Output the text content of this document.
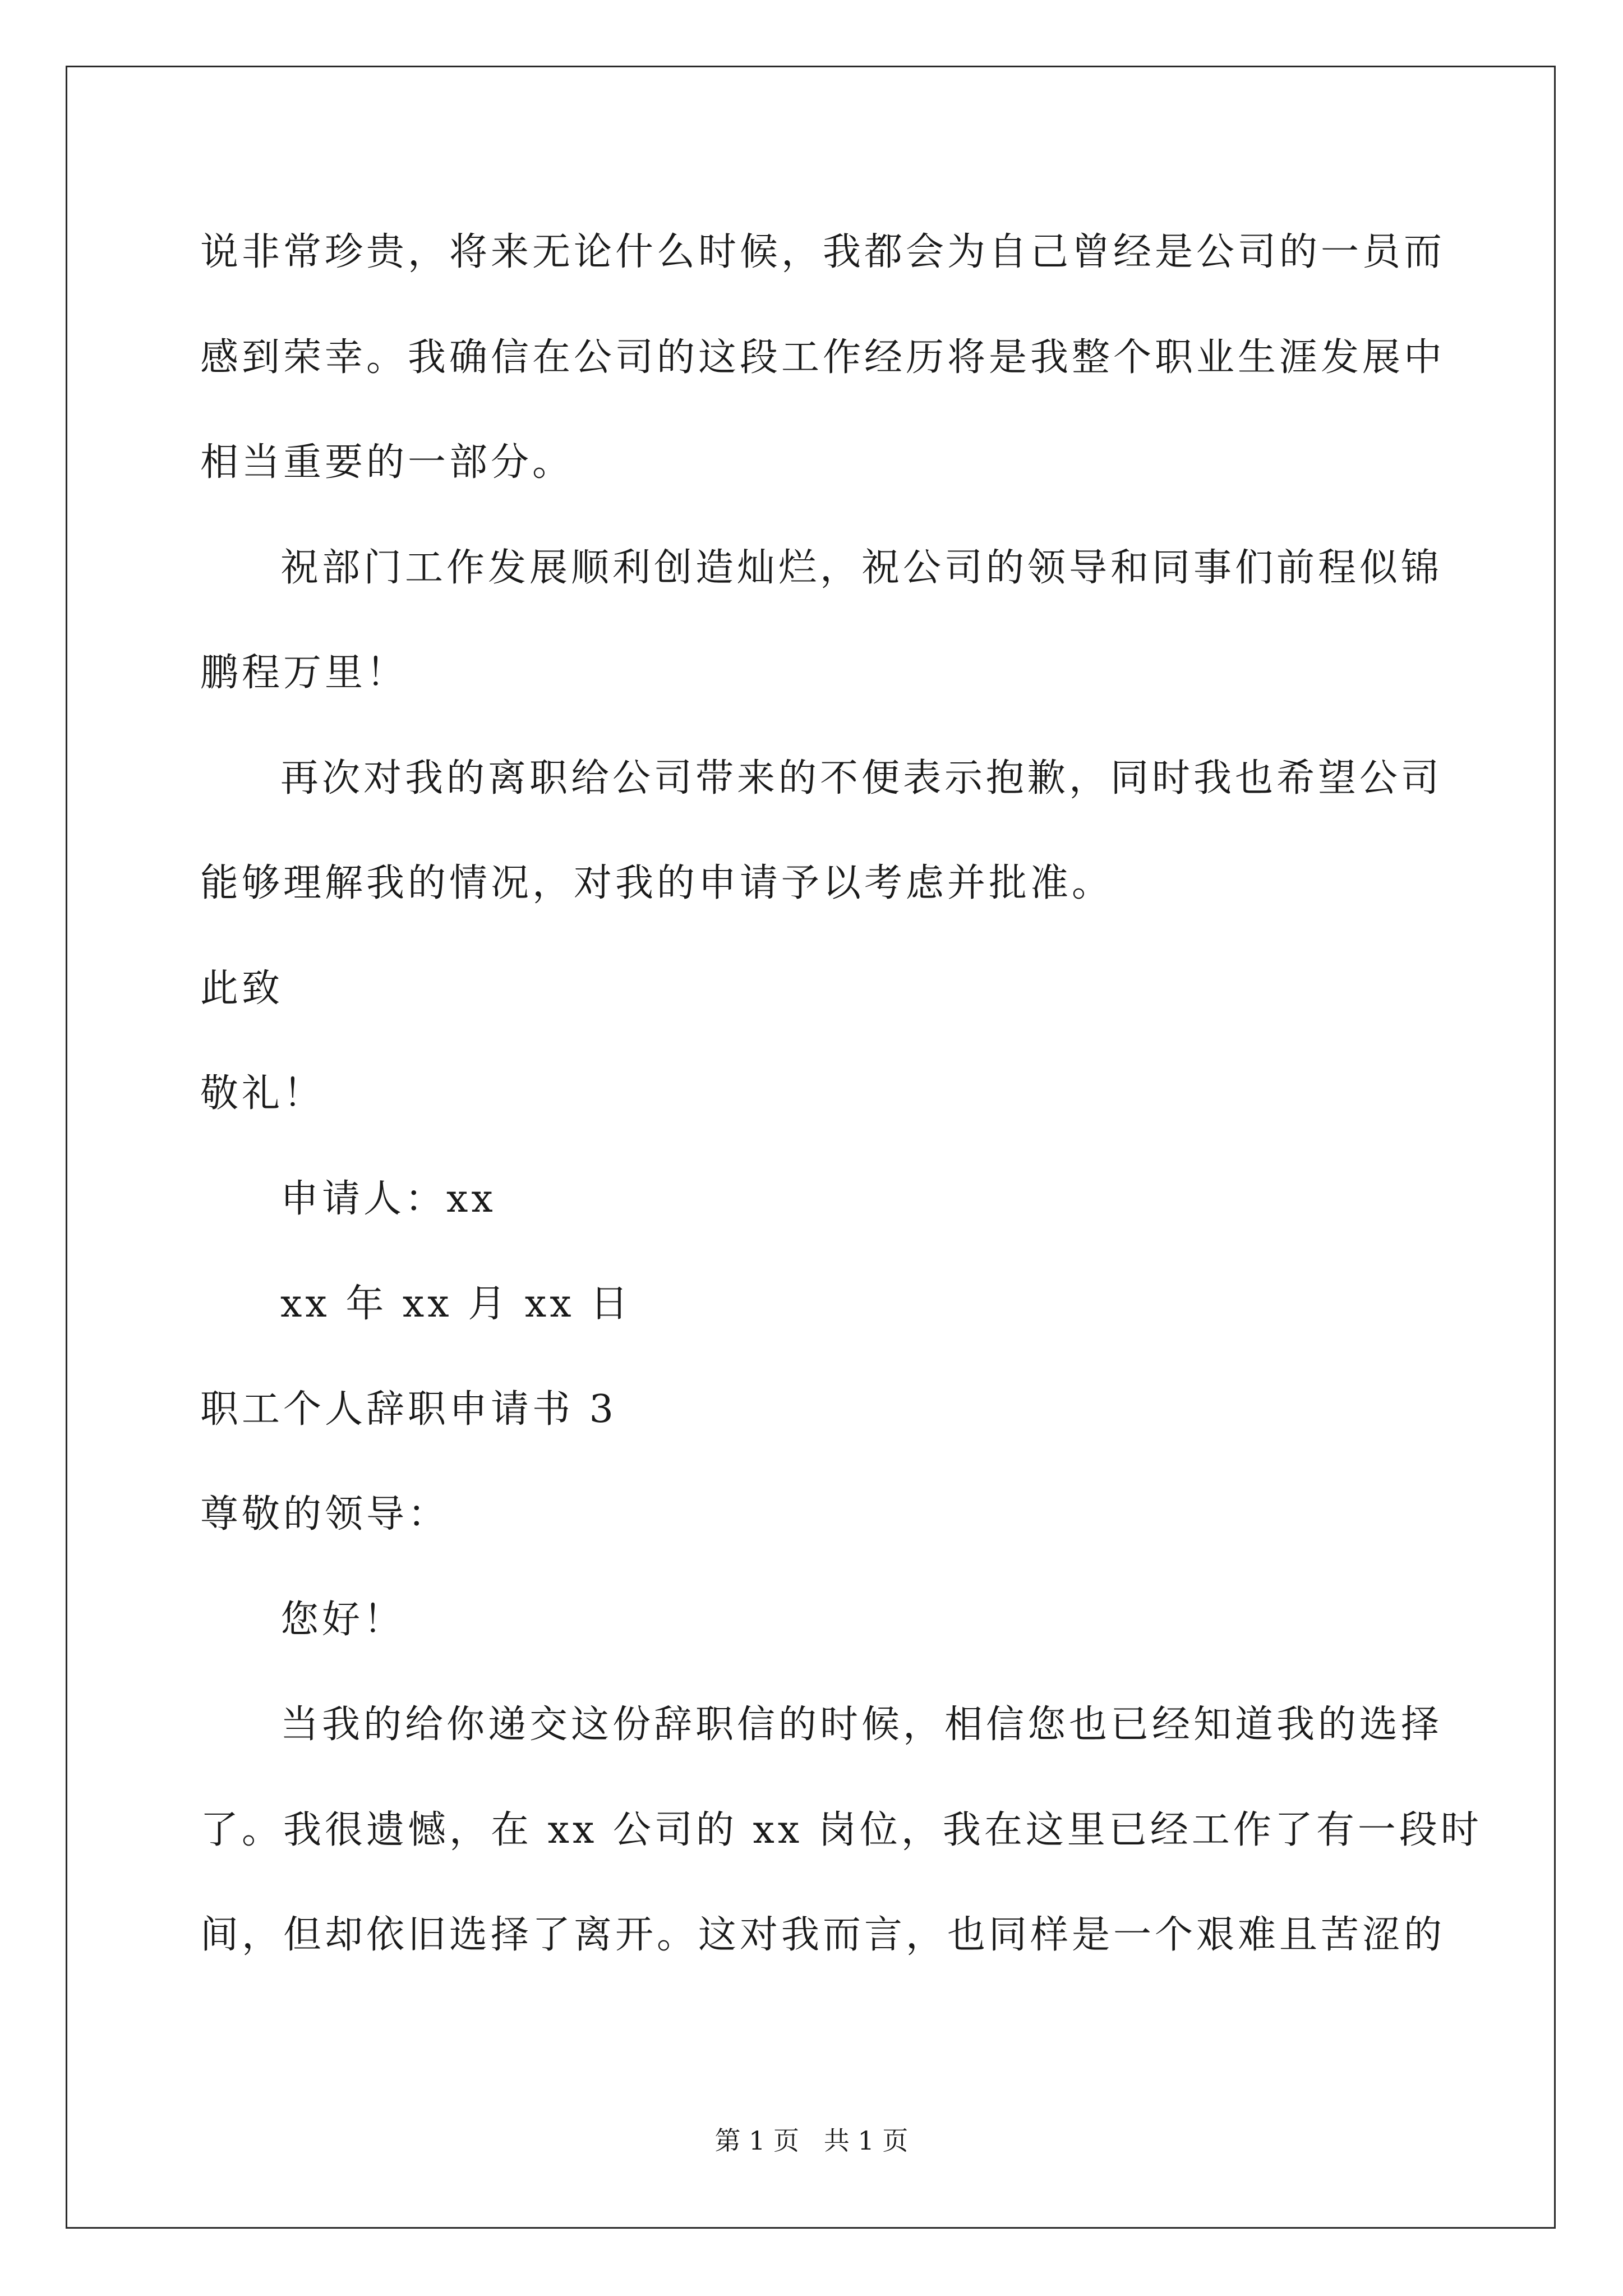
说非常珍贵，将来无论什么时候，我都会为自己曾经是公司的一员而
感到荣幸。我确信在公司的这段工作经历将是我整个职业生涯发展中
相当重要的一部分。
祝部门工作发展顺利创造灿烂，祝公司的领导和同事们前程似锦
鹏程万里！
再次对我的离职给公司带来的不便表示抱歉，同时我也希望公司
能够理解我的情况，对我的申请予以考虑并批准。
此致
敬礼！
申请人：xx
xx 年 xx 月 xx 日
职工个人辞职申请书 3
尊敬的领导：
您好！
当我的给你递交这份辞职信的时候，相信您也已经知道我的选择
了。我很遗憾，在 xx 公司的 xx 岗位，我在这里已经工作了有一段时
间，但却依旧选择了离开。这对我而言，也同样是一个艰难且苦涩的
第 1 页   共 1 页
